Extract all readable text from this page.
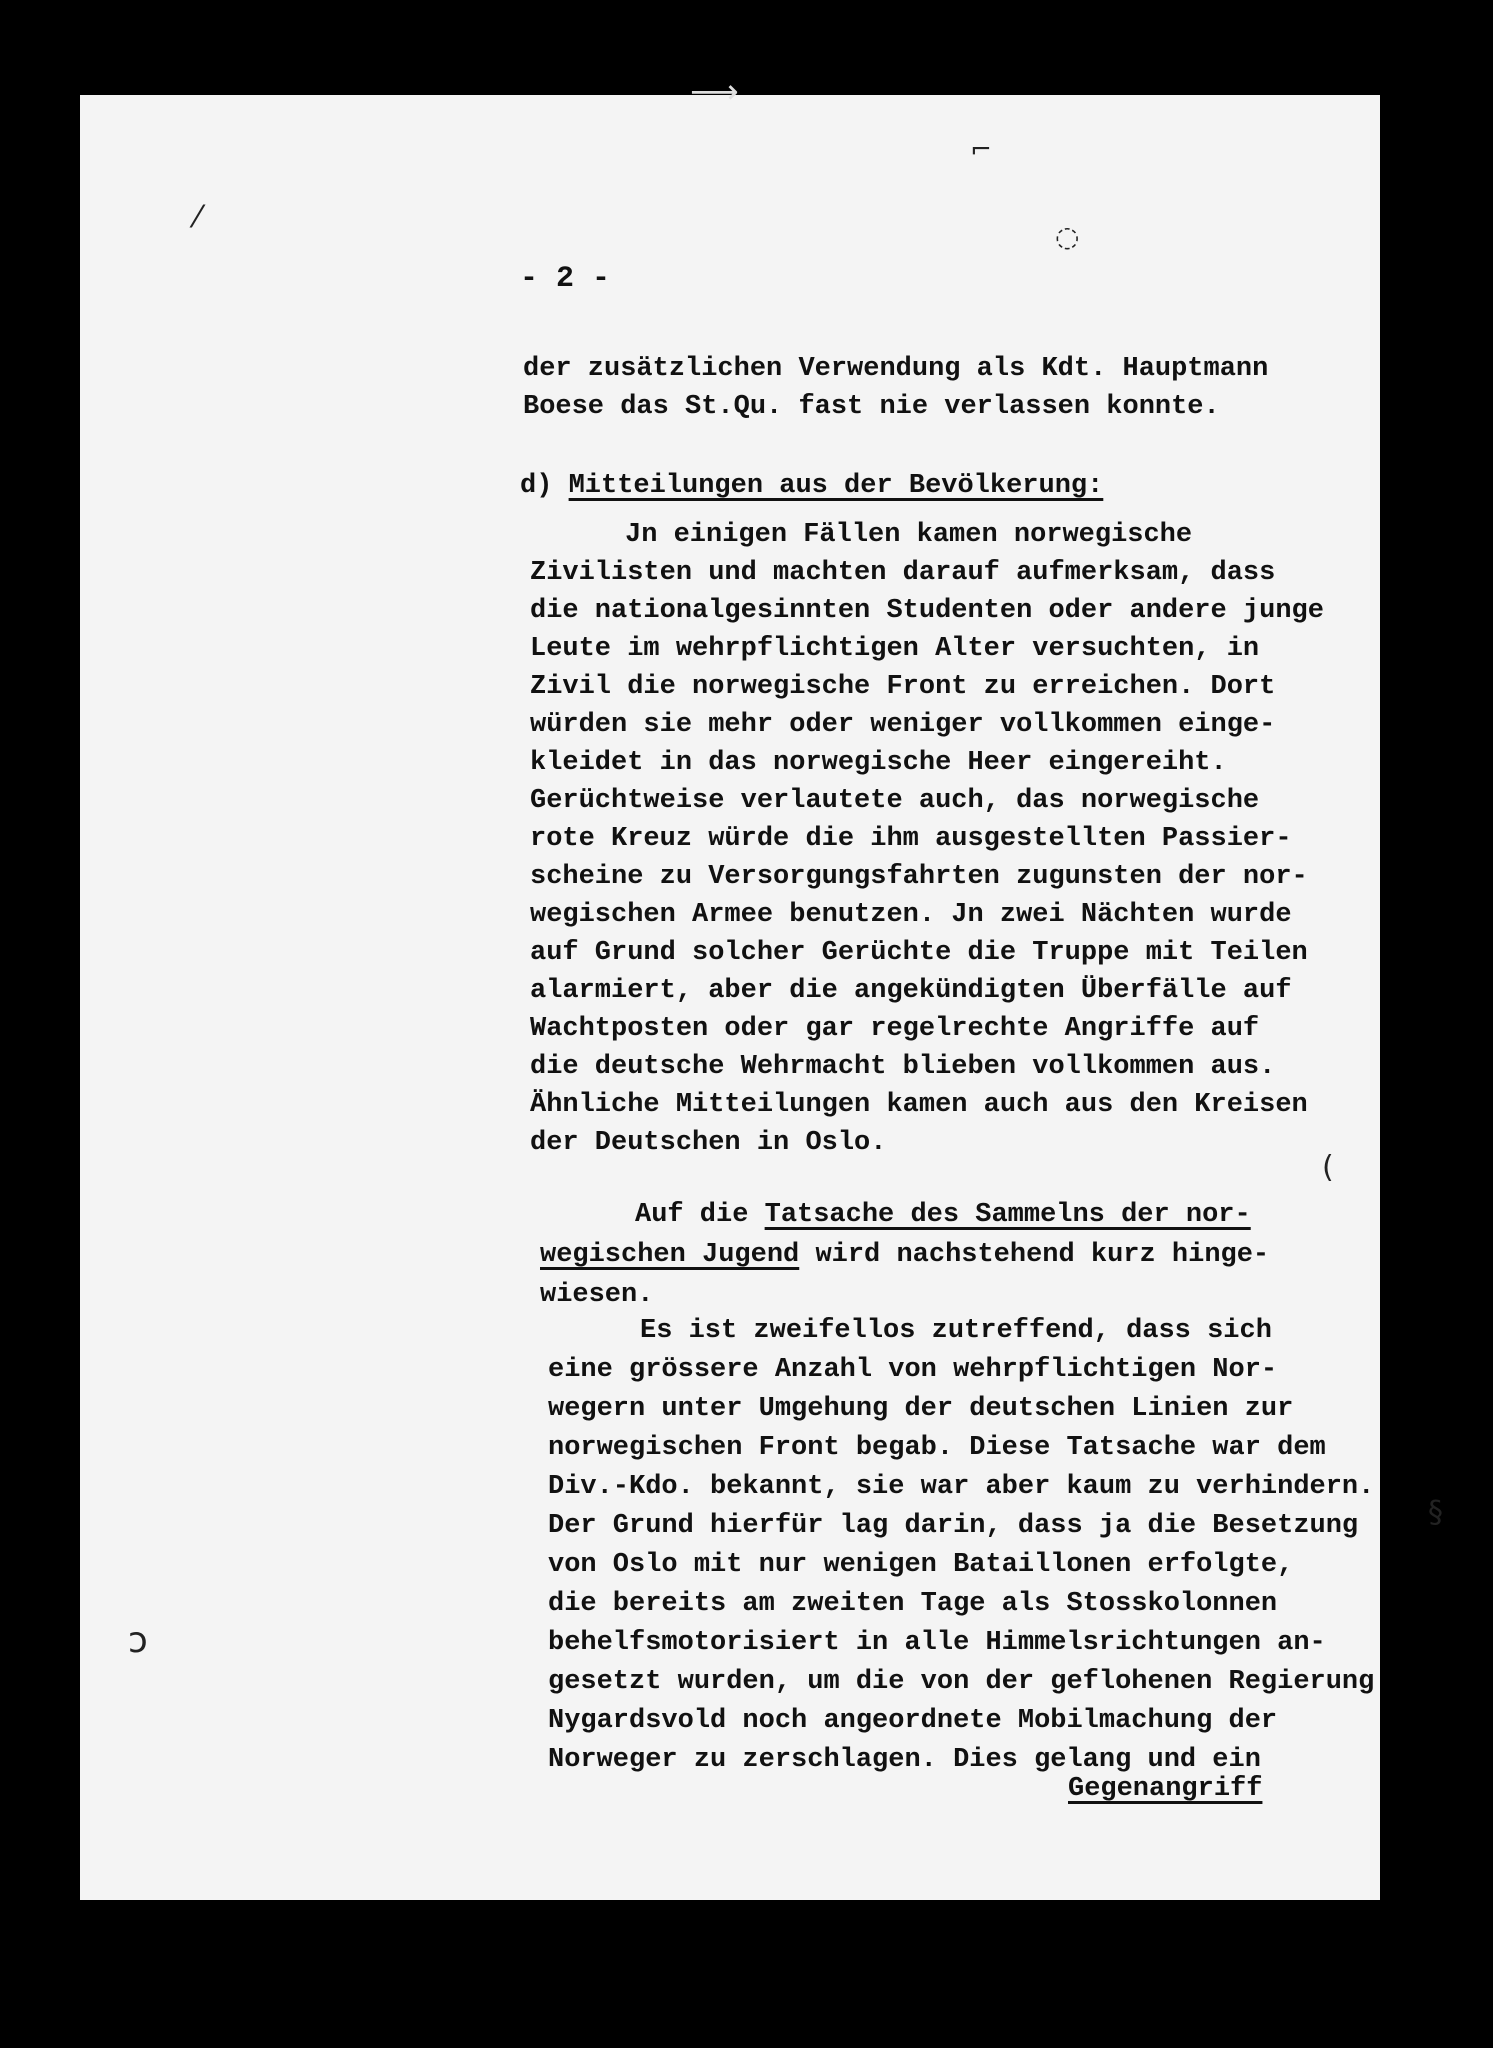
⟶
⁄
⌐
◌
(
§
ɔ
- 2 -
der zusätzlichen Verwendung als Kdt. Hauptmann
Boese das St.Qu. fast nie verlassen konnte.
d) Mitteilungen aus der Bevölkerung:
Jn einigen Fällen kamen norwegische
Zivilisten und machten darauf aufmerksam, dass
die nationalgesinnten Studenten oder andere junge
Leute im wehrpflichtigen Alter versuchten, in
Zivil die norwegische Front zu erreichen. Dort
würden sie mehr oder weniger vollkommen einge-
kleidet in das norwegische Heer eingereiht.
Gerüchtweise verlautete auch, das norwegische
rote Kreuz würde die ihm ausgestellten Passier-
scheine zu Versorgungsfahrten zugunsten der nor-
wegischen Armee benutzen. Jn zwei Nächten wurde
auf Grund solcher Gerüchte die Truppe mit Teilen
alarmiert, aber die angekündigten Überfälle auf
Wachtposten oder gar regelrechte Angriffe auf
die deutsche Wehrmacht blieben vollkommen aus.
Ähnliche Mitteilungen kamen auch aus den Kreisen
der Deutschen in Oslo.
Auf die Tatsache des Sammelns der nor-
wegischen Jugend wird nachstehend kurz hinge-
wiesen.
Es ist zweifellos zutreffend, dass sich
eine grössere Anzahl von wehrpflichtigen Nor-
wegern unter Umgehung der deutschen Linien zur
norwegischen Front begab. Diese Tatsache war dem
Div.-Kdo. bekannt, sie war aber kaum zu verhindern.
Der Grund hierfür lag darin, dass ja die Besetzung
von Oslo mit nur wenigen Bataillonen erfolgte,
die bereits am zweiten Tage als Stosskolonnen
behelfsmotorisiert in alle Himmelsrichtungen an-
gesetzt wurden, um die von der geflohenen Regierung
Nygardsvold noch angeordnete Mobilmachung der
Norweger zu zerschlagen. Dies gelang und ein
Gegenangriff
